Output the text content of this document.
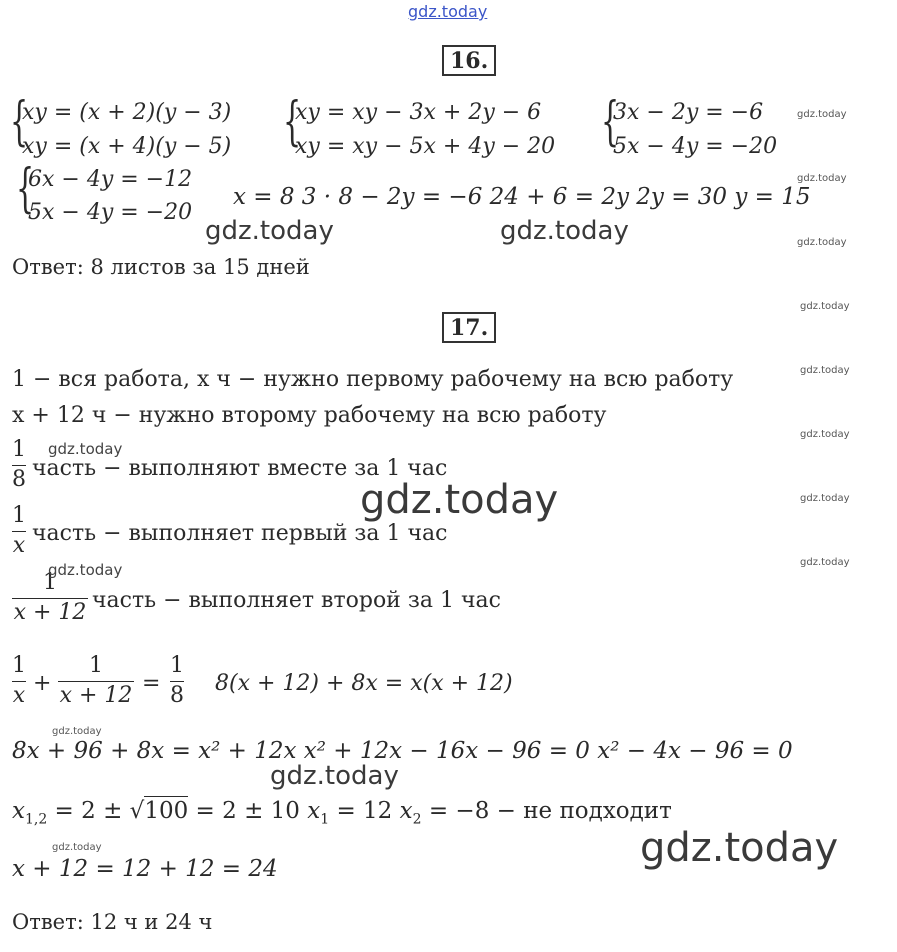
gdz.today
16.
{
xy = (x + 2)(y − 3)
xy = (x + 4)(y − 5) {
xy = xy − 3x + 2y − 6
xy = xy − 5x + 4y − 20 {
3x − 2y = −6
5x − 4y = −20
gdz.today
{
6x − 4y = −12
5x − 4y = −20
x = 8 3 · 8 − 2y = −6 24 + 6 = 2y 2y = 30 y = 15
gdz.today
gdz.today	gdz.today	gdz.today
Ответ: 8 листов за 15 дней
gdz.today
17.
1 − вся работа, x ч − нужно первому рабочему на всю работу	gdz.today
x + 12 ч − нужно второму рабочему на всю работу
gdz.today
1
8
gdz.today
часть − выполняют вместе за 1 час
gdz.today	gdz.today
1
x часть − выполняет первый за 1 час
gdz.today
1
x + 12
gdz.today
часть − выполняет второй за 1 час
1
x +
1
x + 12 =
1
8 8(x + 12) + 8x = x(x + 12)
gdz.today
8x + 96 + 8x = x² + 12x x² + 12x − 16x − 96 = 0 x² − 4x − 96 = 0
gdz.today
$x_{1,2} = 2 \pm √100 = 2 \pm 10$ $x_1 = 12$ $x_2 = -8$ − не подходит
gdz.today
gdz.today
x + 12 = 12 + 12 = 24
Ответ: 12 ч и 24 ч
